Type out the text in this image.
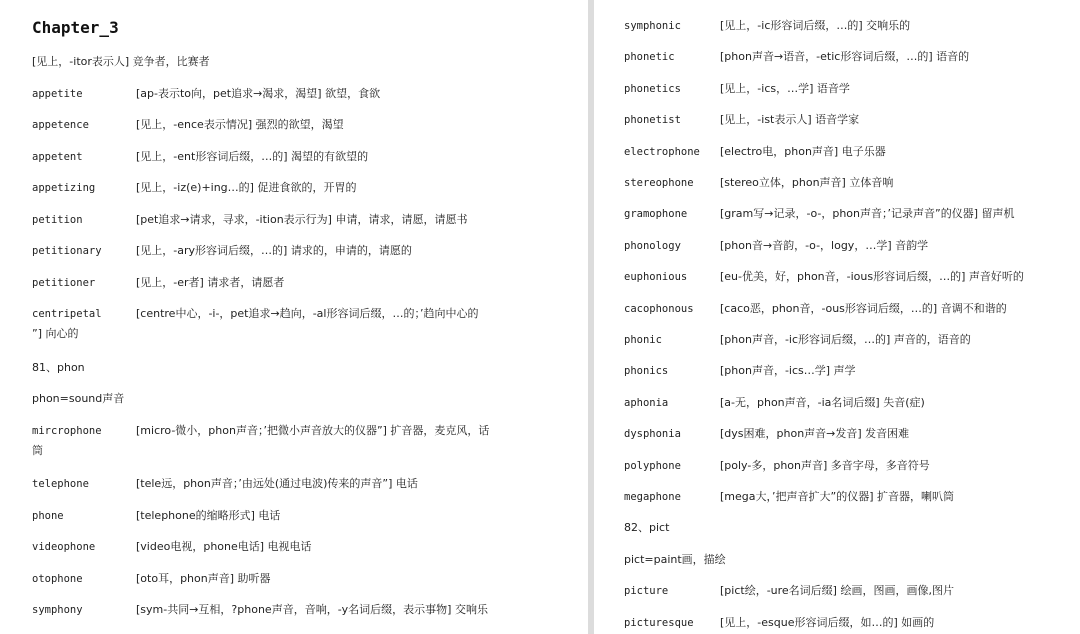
Chapter_3
[见上，-itor表示人] 竞争者，比赛者
appetite	[ap-表示to向，pet追求→渴求，渴望] 欲望，食欲
appetence	[见上，-ence表示情况] 强烈的欲望，渴望
appetent	[见上，-ent形容词后缀，…的] 渴望的有欲望的
appetizing	[见上，-iz(e)+ing…的] 促进食欲的，开胃的
petition	[pet追求→请求，寻求，-ition表示行为] 申请，请求，请愿，请愿书
petitionary	[见上，-ary形容词后缀，…的] 请求的，申请的，请愿的
petitioner	[见上，-er者] 请求者，请愿者
centripetal	[centre中心，-i-，pet追求→趋向，-al形容词后缀，…的；’趋向中心的
”] 向心的
81、phon
phon=sound声音
mircrophone	[micro-微小，phon声音；’把微小声音放大的仪器”] 扩音器，麦克风，话
筒
telephone	[tele远，phon声音；’由远处(通过电波)传来的声音”] 电话
phone	[telephone的缩略形式] 电话
videophone	[video电视，phone电话] 电视电话
otophone	[oto耳，phon声音] 助听器
symphony	[sym-共同→互相，?phone声音，音响，-y名词后缀，表示事物] 交响乐
symphonic	[见上，-ic形容词后缀，…的] 交响乐的
phonetic	[phon声音→语音，-etic形容词后缀，…的] 语音的
phonetics	[见上，-ics，…学] 语音学
phonetist	[见上，-ist表示人] 语音学家
electrophone [electro电，phon声音] 电子乐器
stereophone [stereo立体，phon声音] 立体音响
gramophone	[gram写→记录，-o-，phon声音；’记录声音”的仪器] 留声机
phonology	[phon音→音韵，-o-，logy，…学] 音韵学
euphonious	[eu-优美，好，phon音，-ious形容词后缀，…的] 声音好听的
cacophonous [caco恶，phon音，-ous形容词后缀，…的] 音调不和谐的
phonic	[phon声音，-ic形容词后缀，…的] 声音的，语音的
phonics	[phon声音，-ics…学] 声学
aphonia	[a-无，phon声音，-ia名词后缀] 失音(症)
dysphonia	[dys困难，phon声音→发音] 发音困难
polyphone	[poly-多，phon声音] 多音字母，多音符号
megaphone	[mega大，’把声音扩大”的仪器] 扩音器，喇叭筒
82、pict
pict=paint画，描绘
picture	[pict绘，-ure名词后缀] 绘画，图画，画像,图片
picturesque [见上，-esque形容词后缀，如…的] 如画的
